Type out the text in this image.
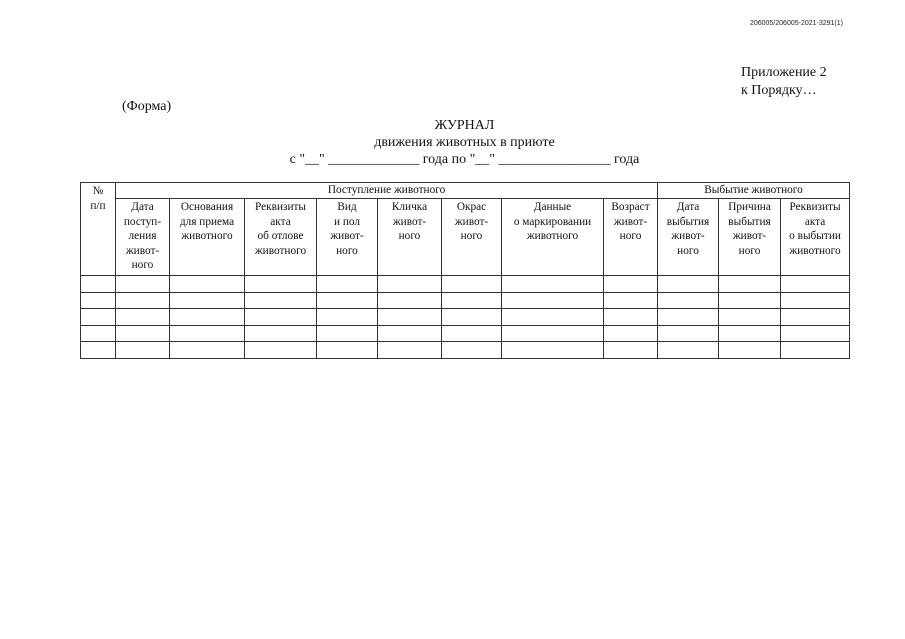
206005/206005-2021-3291(1)
Приложение 2
к Порядку…
(Форма)
ЖУРНАЛ
движения животных в приюте
с "__" _____________ года по "__" ________________ года
№
п/п	Поступление животного								Выбытие животного		

	Дата
поступ-
ления
живот-
ного	Основания
для приема
животного	Реквизиты
акта
об отлове
животного	Вид
и пол
живот-
ного	Кличка
живот-
ного	Окрас
живот-
ного	Данные
о маркировании
животного	Возраст
живот-
ного	Дата
выбытия
живот-
ного	Причина
выбытия
живот-
ного	Реквизиты
акта
о выбытии
животного
